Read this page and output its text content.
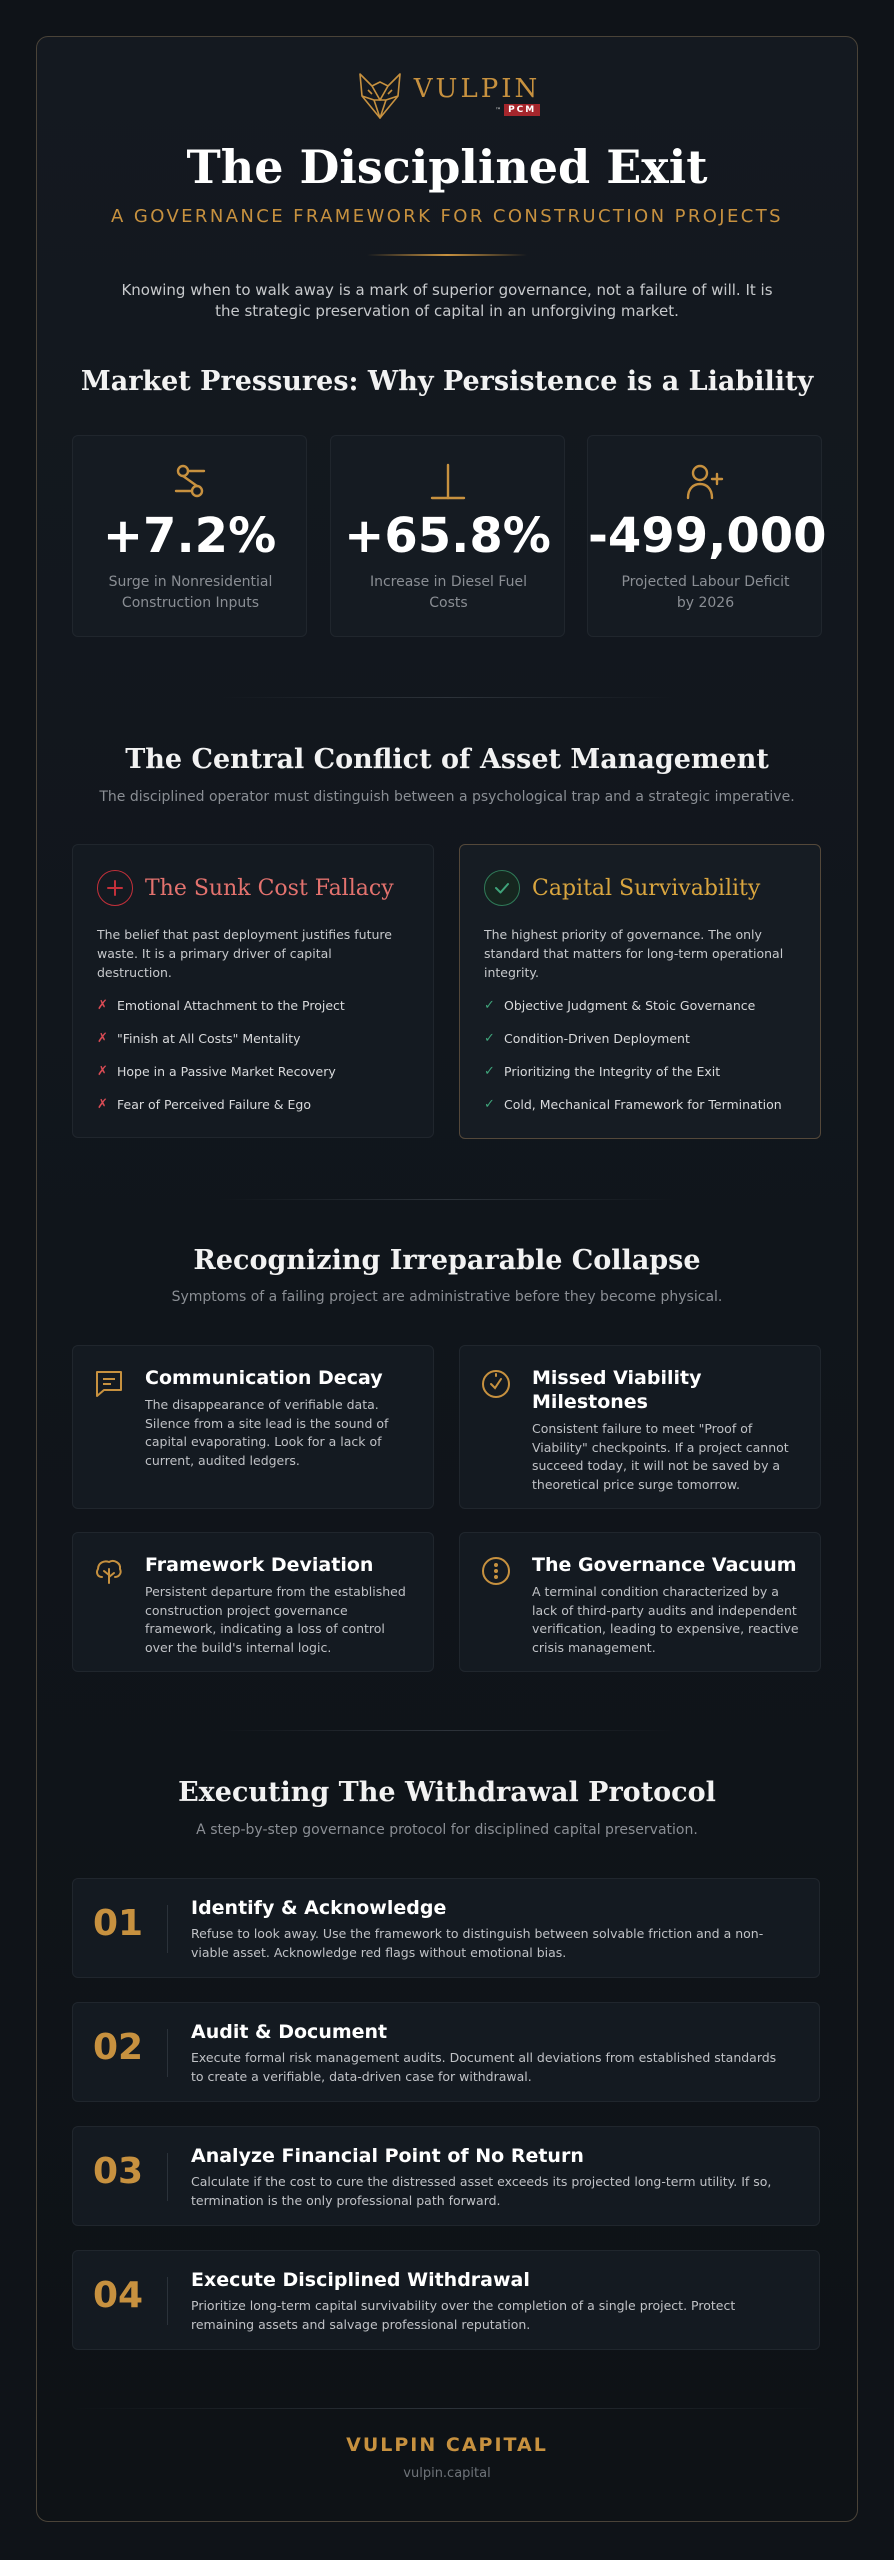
VULPIN
™ PCM
The Disciplined Exit
A GOVERNANCE FRAMEWORK FOR CONSTRUCTION PROJECTS

Knowing when to walk away is a mark of superior governance, not a failure of will. It is the strategic preservation of capital in an unforgiving market.

Market Pressures: Why Persistence is a Liability
+7.2%
Surge in Nonresidential Construction Inputs
+65.8%
Increase in Diesel Fuel Costs
-499,000
Projected Labour Deficit by 2026
The Central Conflict of Asset Management
The disciplined operator must distinguish between a psychological trap and a strategic imperative.
The Sunk Cost Fallacy

The belief that past deployment justifies future waste. It is a primary driver of capital destruction.

✗ Emotional Attachment to the Project
✗ "Finish at All Costs" Mentality
✗ Hope in a Passive Market Recovery
✗ Fear of Perceived Failure & Ego
Capital Survivability

The highest priority of governance. The only standard that matters for long-term operational integrity.

✓ Objective Judgment & Stoic Governance
✓ Condition-Driven Deployment
✓ Prioritizing the Integrity of the Exit
✓ Cold, Mechanical Framework for Termination
Recognizing Irreparable Collapse
Symptoms of a failing project are administrative before they become physical.
Communication Decay

The disappearance of verifiable data. Silence from a site lead is the sound of capital evaporating. Look for a lack of current, audited ledgers.

Missed Viability Milestones

Consistent failure to meet "Proof of Viability" checkpoints. If a project cannot succeed today, it will not be saved by a theoretical price surge tomorrow.

Framework Deviation

Persistent departure from the established construction project governance framework, indicating a loss of control over the build's internal logic.

The Governance Vacuum

A terminal condition characterized by a lack of third-party audits and independent verification, leading to expensive, reactive crisis management.

Executing The Withdrawal Protocol
A step-by-step governance protocol for disciplined capital preservation.
01	Identify & Acknowledge

Refuse to look away. Use the framework to distinguish between solvable friction and a non-viable asset. Acknowledge red flags without emotional bias.

02	Audit & Document

Execute formal risk management audits. Document all deviations from established standards to create a verifiable, data-driven case for withdrawal.

03	Analyze Financial Point of No Return

Calculate if the cost to cure the distressed asset exceeds its projected long-term utility. If so, termination is the only professional path forward.

04	Execute Disciplined Withdrawal

Prioritize long-term capital survivability over the completion of a single project. Protect remaining assets and salvage professional reputation.

VULPIN CAPITAL
vulpin.capital
